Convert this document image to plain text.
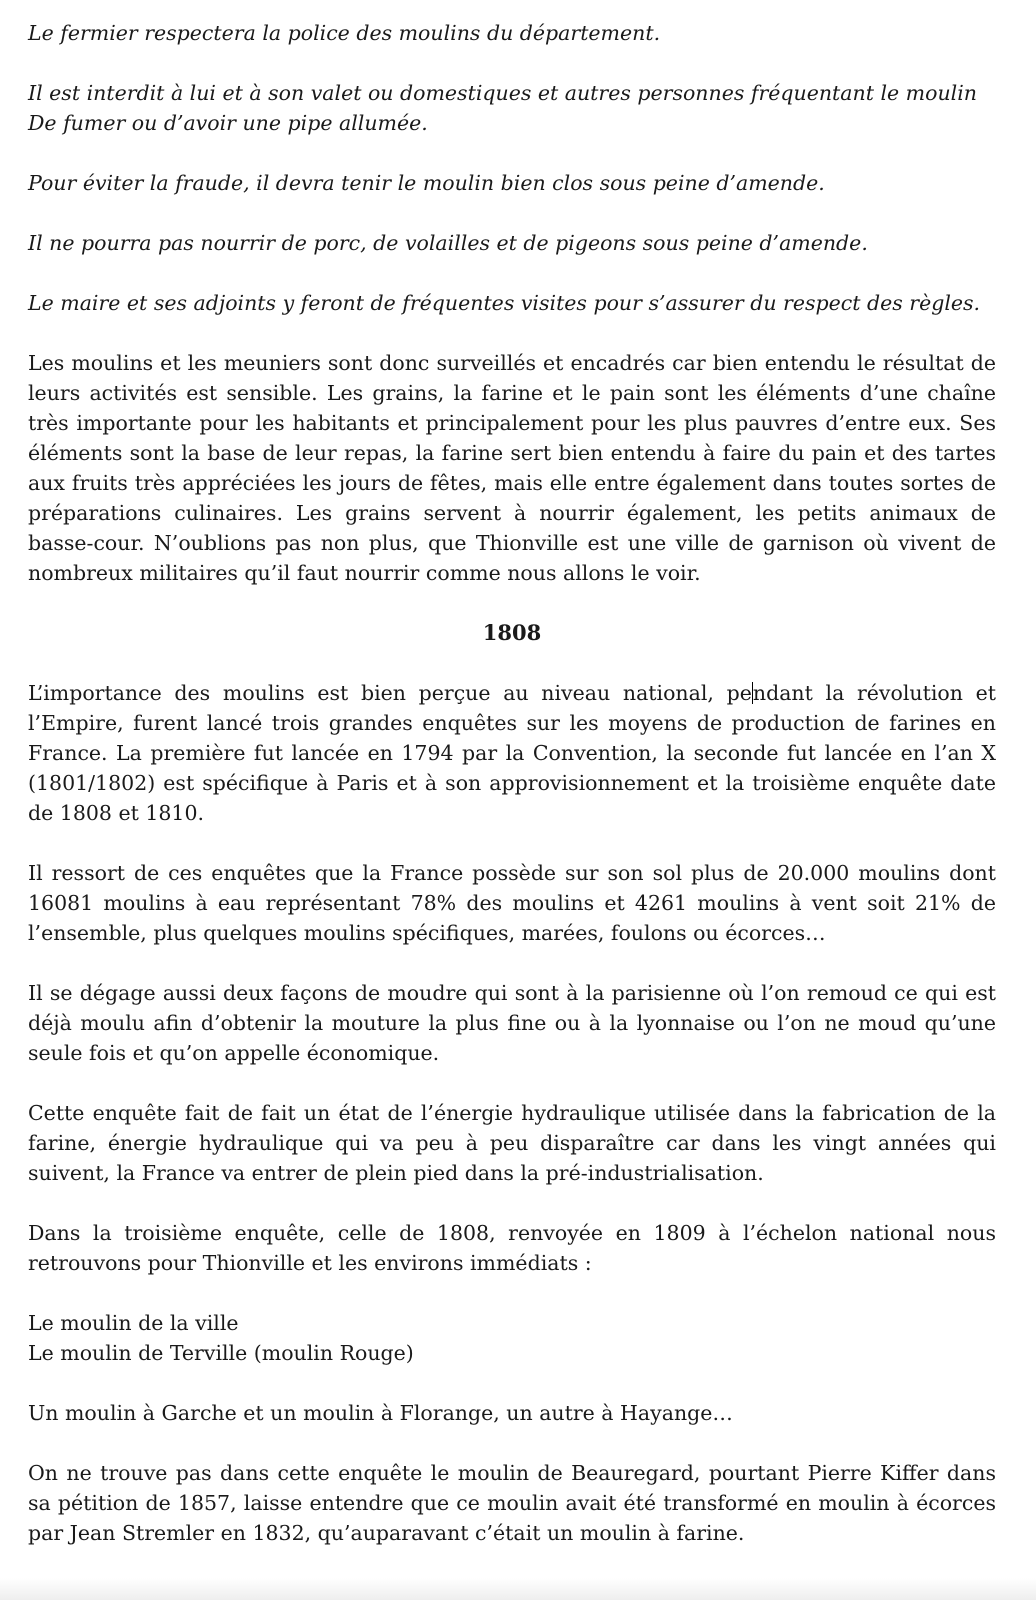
Le fermier respectera la police des moulins du département.

Il est interdit à lui et à son valet ou domestiques et autres personnes fréquentant le moulin
De fumer ou d’avoir une pipe allumée.

Pour éviter la fraude, il devra tenir le moulin bien clos sous peine d’amende.

Il ne pourra pas nourrir de porc, de volailles et de pigeons sous peine d’amende.

Le maire et ses adjoints y feront de fréquentes visites pour s’assurer du respect des règles.

Les moulins et les meuniers sont donc surveillés et encadrés car bien entendu le résultat de leurs activités est sensible. Les grains, la farine et le pain sont les éléments d’une chaîne très importante pour les habitants et principalement pour les plus pauvres d’entre eux. Ses éléments sont la base de leur repas, la farine sert bien entendu à faire du pain et des tartes aux fruits très appréciées les jours de fêtes, mais elle entre également dans toutes sortes de préparations culinaires. Les grains servent à nourrir également, les petits animaux de basse-cour. N’oublions pas non plus, que Thionville est une ville de garnison où vivent de nombreux militaires qu’il faut nourrir comme nous allons le voir.

1808

L’importance des moulins est bien perçue au niveau national, pendant la révolution et l’Empire, furent lancé trois grandes enquêtes sur les moyens de production de farines en France. La première fut lancée en 1794 par la Convention, la seconde fut lancée en l’an X (1801/1802) est spécifique à Paris et à son approvisionnement et la troisième enquête date de 1808 et 1810.

Il ressort de ces enquêtes que la France possède sur son sol plus de 20.000 moulins dont 16081 moulins à eau représentant 78% des moulins et 4261 moulins à vent soit 21% de l’ensemble, plus quelques moulins spécifiques, marées, foulons ou écorces…

Il se dégage aussi deux façons de moudre qui sont à la parisienne où l’on remoud ce qui est déjà moulu afin d’obtenir la mouture la plus fine ou à la lyonnaise ou l’on ne moud qu’une seule fois et qu’on appelle économique.

Cette enquête fait de fait un état de l’énergie hydraulique utilisée dans la fabrication de la farine, énergie hydraulique qui va peu à peu disparaître car dans les vingt années qui suivent, la France va entrer de plein pied dans la pré-industrialisation.

Dans la troisième enquête, celle de 1808, renvoyée en 1809 à l’échelon national nous retrouvons pour Thionville et les environs immédiats :

Le moulin de la ville
Le moulin de Terville (moulin Rouge)

Un moulin à Garche et un moulin à Florange, un autre à Hayange…

On ne trouve pas dans cette enquête le moulin de Beauregard, pourtant Pierre Kiffer dans sa pétition de 1857, laisse entendre que ce moulin avait été transformé en moulin à écorces par Jean Stremler en 1832, qu’auparavant c’était un moulin à farine.
